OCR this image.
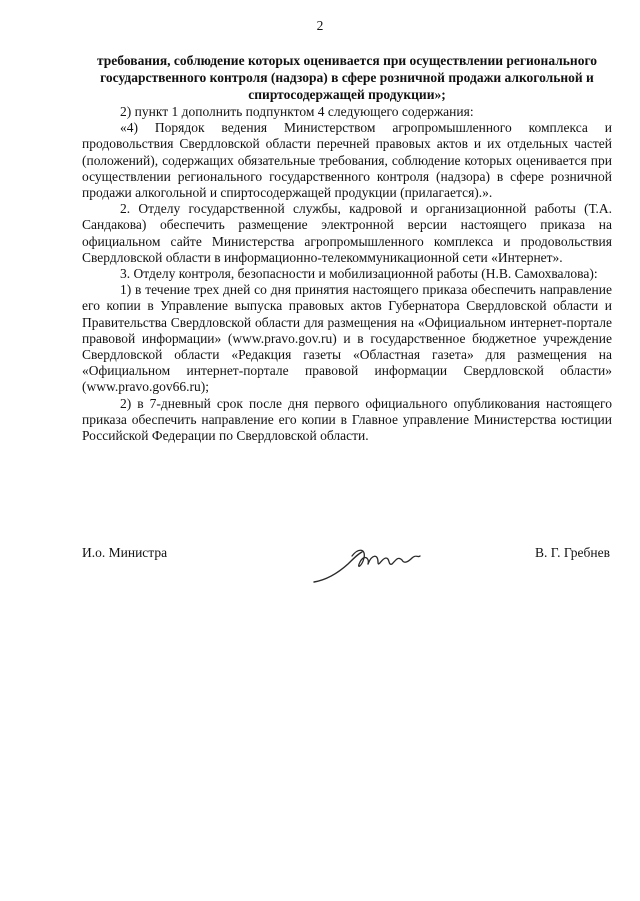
2
требования, соблюдение которых оценивается при осуществлении регионального государственного контроля (надзора) в сфере розничной продажи алкогольной и спиртосодержащей продукции»;

2) пункт 1 дополнить подпунктом 4 следующего содержания:

«4) Порядок ведения Министерством агропромышленного комплекса и продовольствия Свердловской области перечней правовых актов и их отдельных частей (положений), содержащих обязательные требования, соблюдение которых оценивается при осуществлении регионального государственного контроля (надзора) в сфере розничной продажи алкогольной и спиртосодержащей продукции (прилагается).».

2. Отделу государственной службы, кадровой и организационной работы (Т.А. Сандакова) обеспечить размещение электронной версии настоящего приказа на официальном сайте Министерства агропромышленного комплекса и продовольствия Свердловской области в информационно-телекоммуникационной сети «Интернет».

3. Отделу контроля, безопасности и мобилизационной работы (Н.В. Самохвалова):

1) в течение трех дней со дня принятия настоящего приказа обеспечить направление его копии в Управление выпуска правовых актов Губернатора Свердловской области и Правительства Свердловской области для размещения на «Официальном интернет-портале правовой информации» (www.pravo.gov.ru) и в государственное бюджетное учреждение Свердловской области «Редакция газеты «Областная газета» для размещения на «Официальном интернет-портале правовой информации Свердловской области» (www.pravo.gov66.ru);

2) в 7-дневный срок после дня первого официального опубликования настоящего приказа обеспечить направление его копии в Главное управление Министерства юстиции Российской Федерации по Свердловской области.

И.о. Министра	В. Г. Гребнев
